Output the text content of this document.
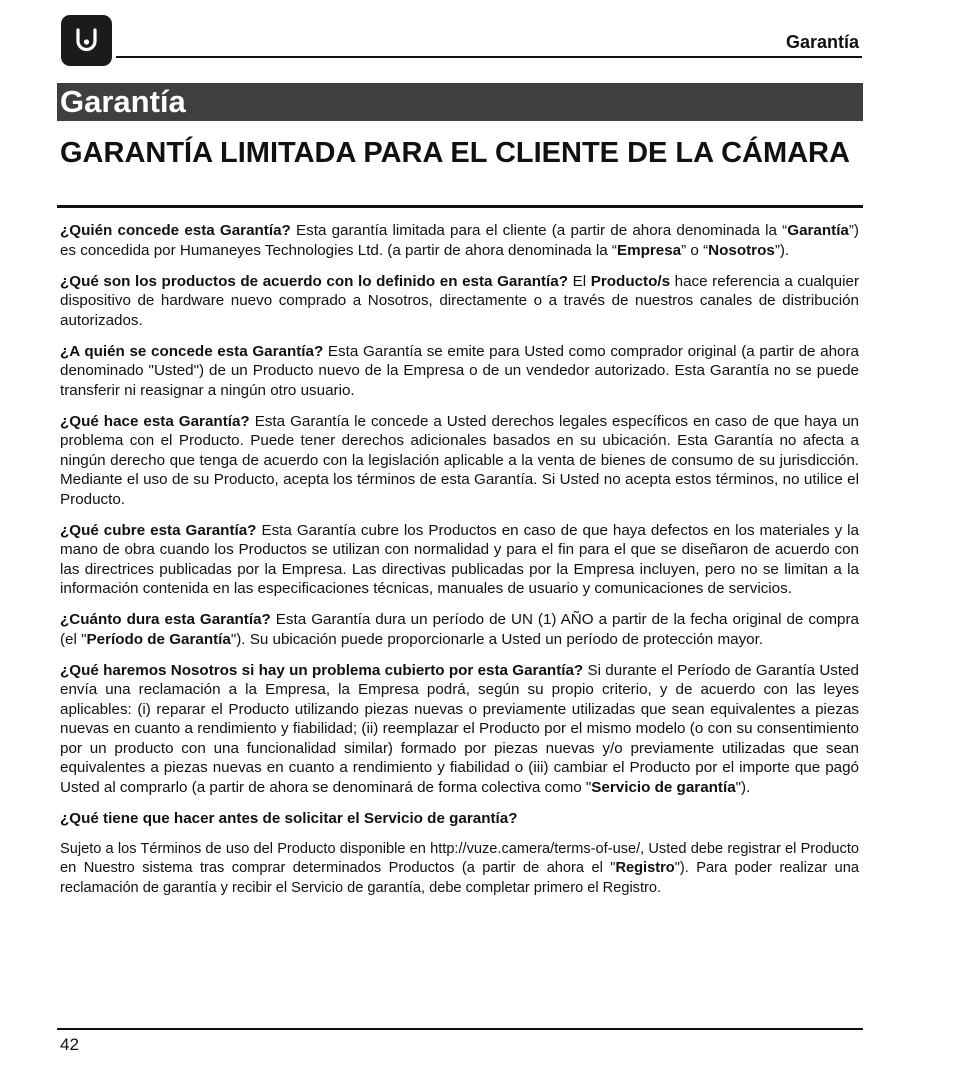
Garantía
Garantía
GARANTÍA LIMITADA PARA EL CLIENTE DE LA CÁMARA

¿Quién concede esta Garantía? Esta garantía limitada para el cliente (a partir de ahora denominada la “Garantía”) es concedida por Humaneyes Technologies Ltd. (a partir de ahora denominada la “Empresa” o “Nosotros”).

¿Qué son los productos de acuerdo con lo definido en esta Garantía? El Producto/s hace referencia a cualquier dispositivo de hardware nuevo comprado a Nosotros, directamente o a través de nuestros canales de distribución autorizados.

¿A quién se concede esta Garantía? Esta Garantía se emite para Usted como comprador original (a partir de ahora denominado "Usted") de un Producto nuevo de la Empresa o de un vendedor autorizado. Esta Garantía no se puede transferir ni reasignar a ningún otro usuario.

¿Qué hace esta Garantía? Esta Garantía le concede a Usted derechos legales específicos en caso de que haya un problema con el Producto. Puede tener derechos adicionales basados en su ubicación. Esta Garantía no afecta a ningún derecho que tenga de acuerdo con la legislación aplicable a la venta de bienes de consumo de su jurisdicción. Mediante el uso de su Producto, acepta los términos de esta Garantía. Si Usted no acepta estos términos, no utilice el Producto.

¿Qué cubre esta Garantía? Esta Garantía cubre los Productos en caso de que haya defectos en los materiales y la mano de obra cuando los Productos se utilizan con normalidad y para el fin para el que se diseñaron de acuerdo con las directrices publicadas por la Empresa. Las directivas publicadas por la Empresa incluyen, pero no se limitan a la información contenida en las especificaciones técnicas, manuales de usuario y comunicaciones de servicios.

¿Cuánto dura esta Garantía? Esta Garantía dura un período de UN (1) AÑO a partir de la fecha original de compra (el "Período de Garantía"). Su ubicación puede proporcionarle a Usted un período de protección mayor.

¿Qué haremos Nosotros si hay un problema cubierto por esta Garantía? Si durante el Período de Garantía Usted envía una reclamación a la Empresa, la Empresa podrá, según su propio criterio, y de acuerdo con las leyes aplicables: (i) reparar el Producto utilizando piezas nuevas o previamente utilizadas que sean equivalentes a piezas nuevas en cuanto a rendimiento y fiabilidad; (ii) reemplazar el Producto por el mismo modelo (o con su consentimiento por un producto con una funcionalidad similar) formado por piezas nuevas y/o previamente utilizadas que sean equivalentes a piezas nuevas en cuanto a rendimiento y fiabilidad o (iii) cambiar el Producto por el importe que pagó Usted al comprarlo (a partir de ahora se denominará de forma colectiva como "Servicio de garantía").

¿Qué tiene que hacer antes de solicitar el Servicio de garantía?

Sujeto a los Términos de uso del Producto disponible en http://vuze.camera/terms-of-use/, Usted debe registrar el Producto en Nuestro sistema tras comprar determinados Productos (a partir de ahora el "Registro"). Para poder realizar una reclamación de garantía y recibir el Servicio de garantía, debe completar primero el Registro.

42
